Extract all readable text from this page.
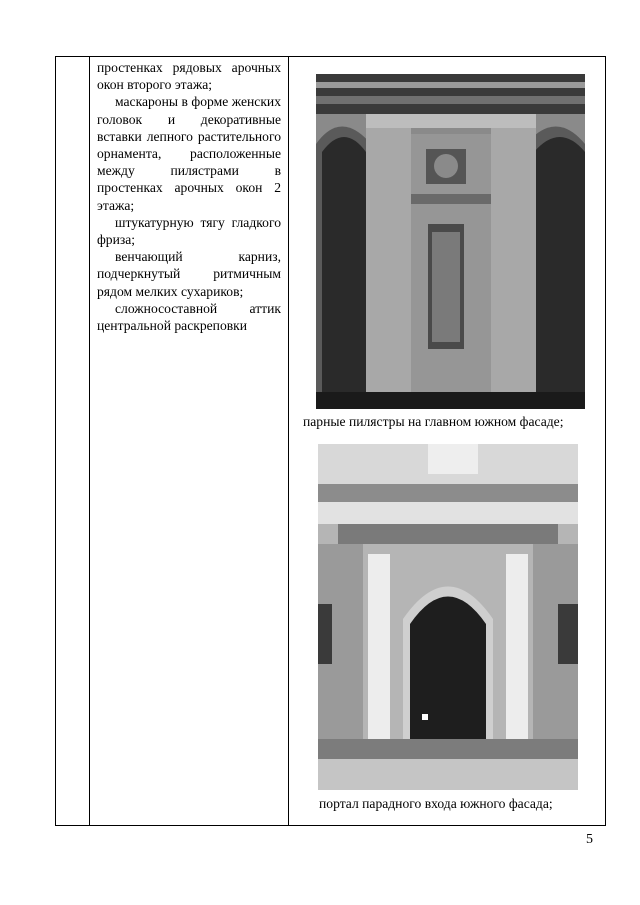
простенках рядовых арочных окон второго этажа;

маскароны в форме женских головок и декоративные вставки лепного растительного орнамента, расположенные между пилястрами в простенках арочных окон 2 этажа;

штукатурную тягу гладкого фриза;

венчающий карниз, подчеркнутый ритмичным рядом мелких сухариков;

сложносоставной аттик центральной раскреповки

парные пилястры на главном южном фасаде;
портал парадного входа южного фасада;
5
